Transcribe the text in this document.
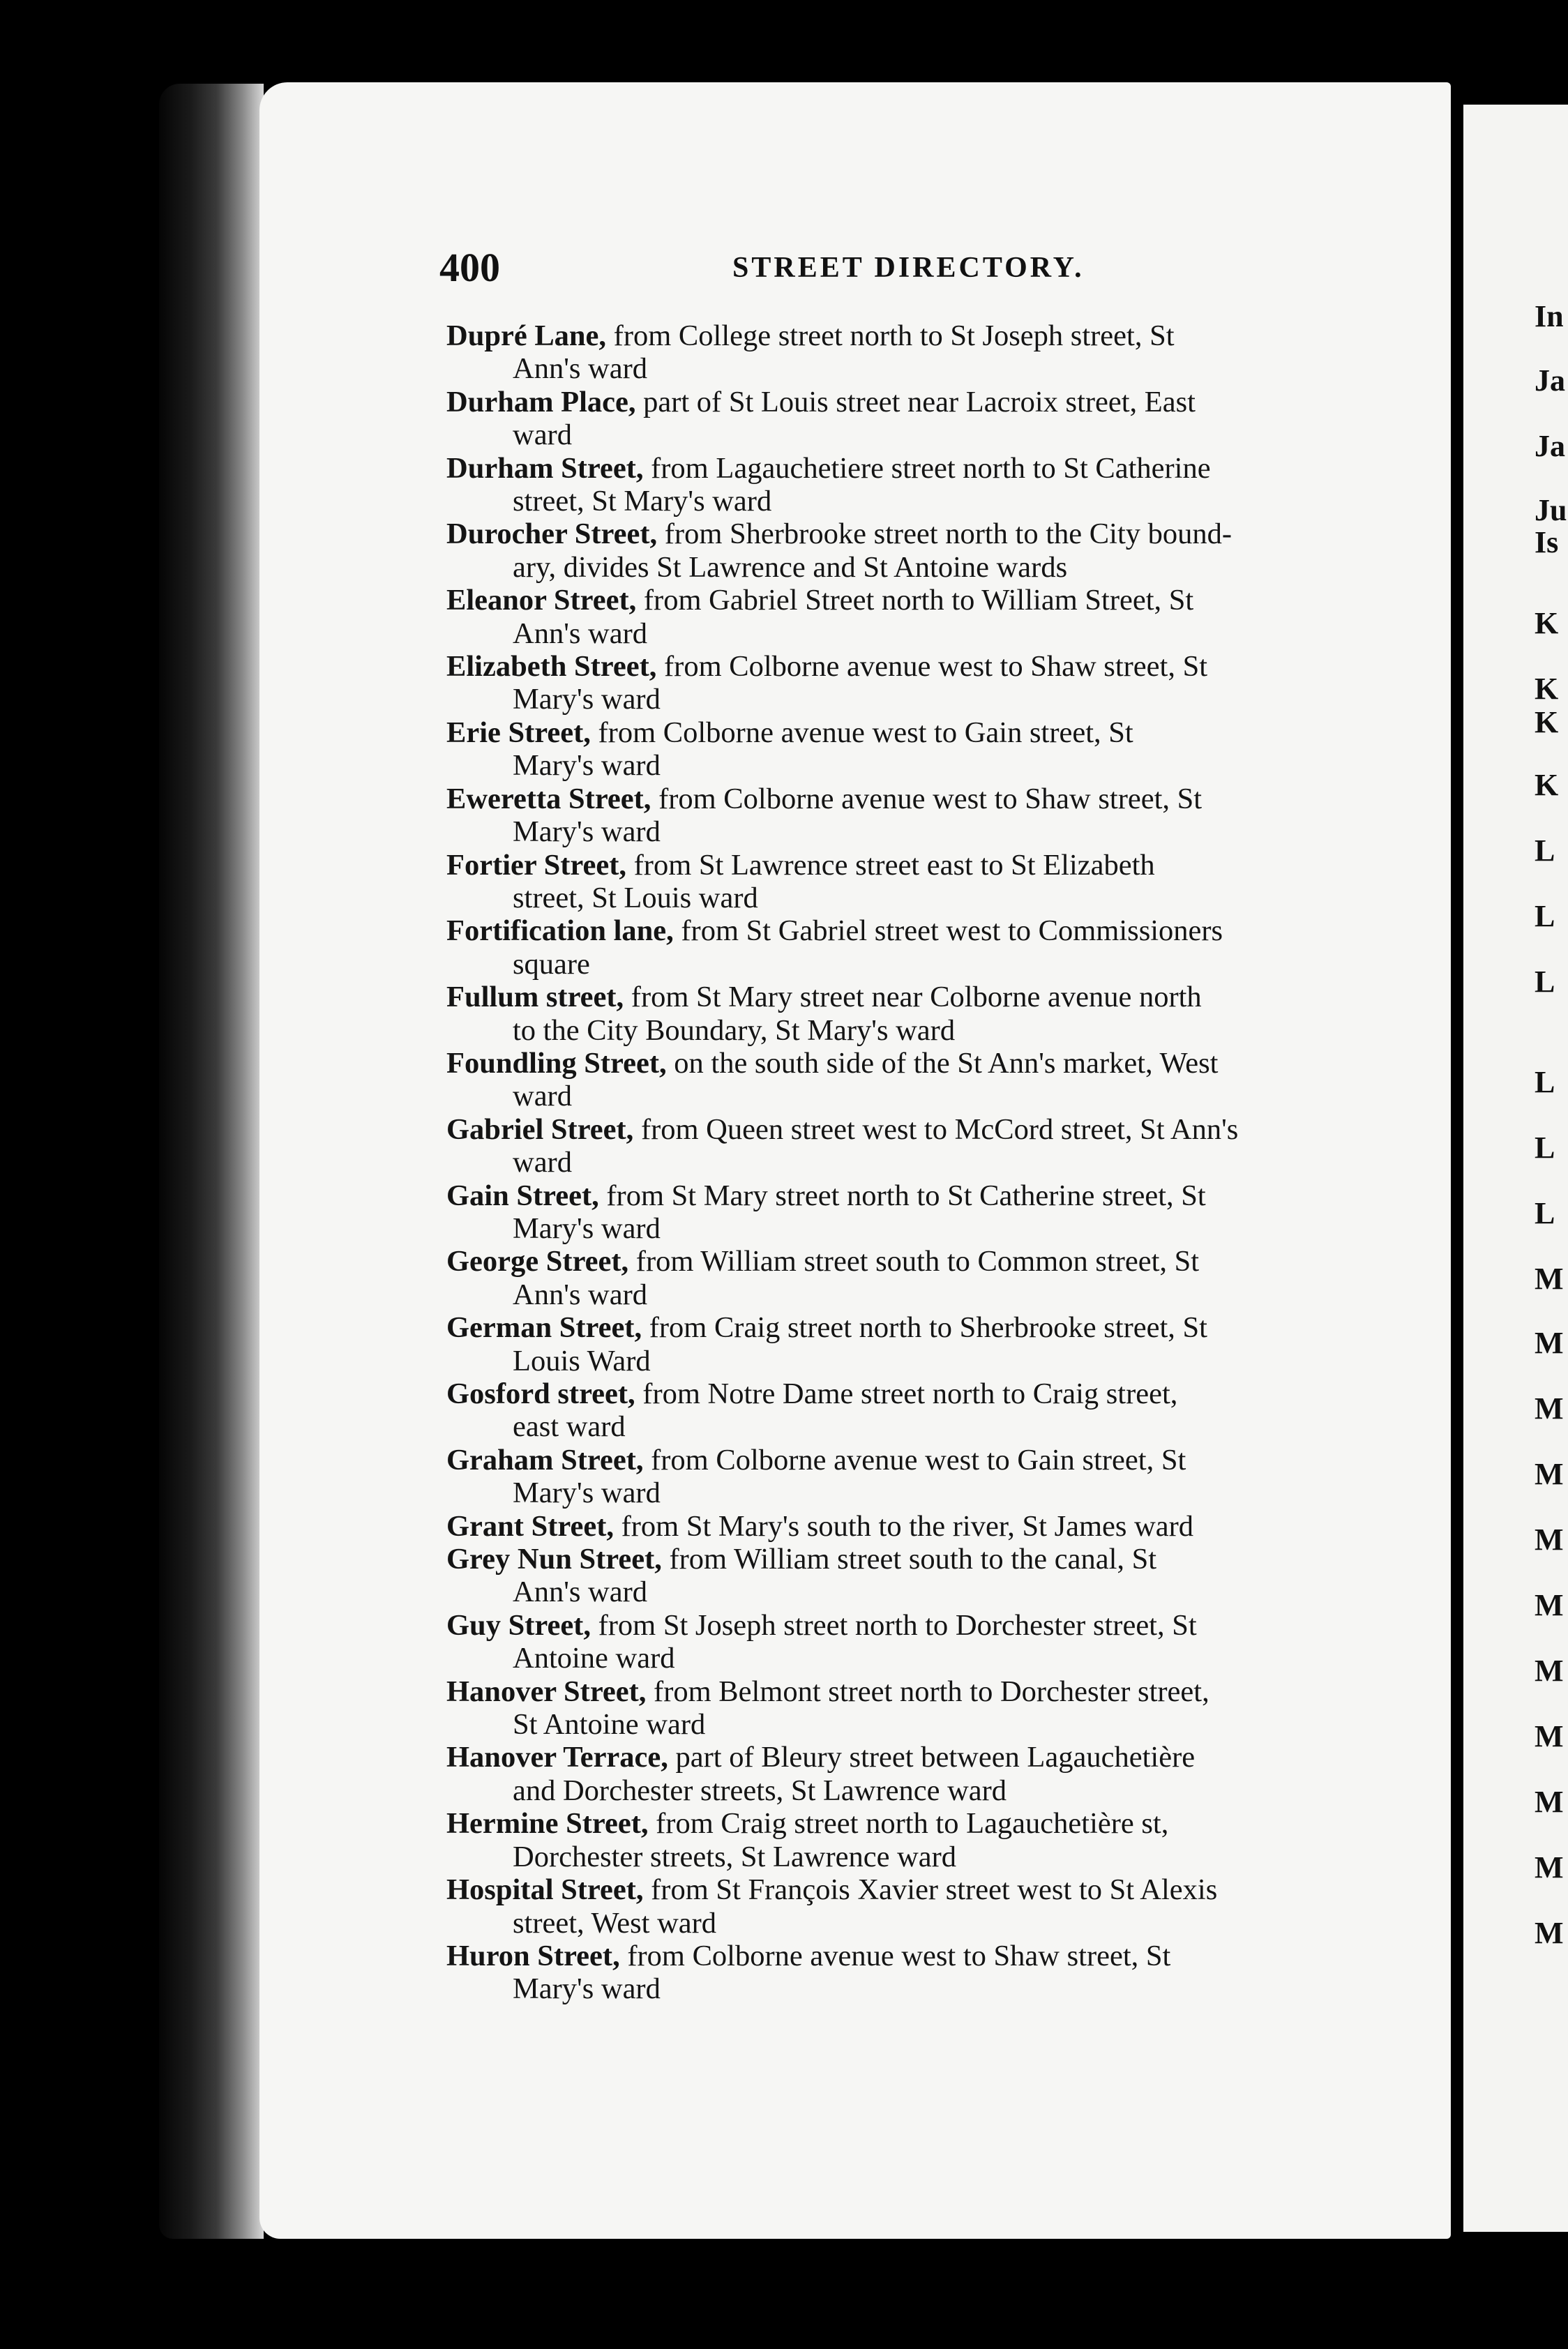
400	STREET DIRECTORY.

Dupré Lane, from College street north to St Joseph street, St
Ann's ward

Durham Place, part of St Louis street near Lacroix street, East
ward

Durham Street, from Lagauchetiere street north to St Catherine
street, St Mary's ward

Durocher Street, from Sherbrooke street north to the City bound-
ary, divides St Lawrence and St Antoine wards

Eleanor Street, from Gabriel Street north to William Street, St
Ann's ward

Elizabeth Street, from Colborne avenue west to Shaw street, St
Mary's ward

Erie Street, from Colborne avenue west to Gain street, St
Mary's ward

Eweretta Street, from Colborne avenue west to Shaw street, St
Mary's ward

Fortier Street, from St Lawrence street east to St Elizabeth
street, St Louis ward

Fortification lane, from St Gabriel street west to Commissioners
square

Fullum street, from St Mary street near Colborne avenue north
to the City Boundary, St Mary's ward

Foundling Street, on the south side of the St Ann's market, West
ward

Gabriel Street, from Queen street west to McCord street, St Ann's
ward

Gain Street, from St Mary street north to St Catherine street, St
Mary's ward

George Street, from William street south to Common street, St
Ann's ward

German Street, from Craig street north to Sherbrooke street, St
Louis Ward

Gosford street, from Notre Dame street north to Craig street,
east ward

Graham Street, from Colborne avenue west to Gain street, St
Mary's ward

Grant Street, from St Mary's south to the river, St James ward

Grey Nun Street, from William street south to the canal, St
Ann's ward

Guy Street, from St Joseph street north to Dorchester street, St
Antoine ward

Hanover Street, from Belmont street north to Dorchester street,
St Antoine ward

Hanover Terrace, part of Bleury street between Lagauchetière
and Dorchester streets, St Lawrence ward

Hermine Street, from Craig street north to Lagauchetière st,
Dorchester streets, St Lawrence ward

Hospital Street, from St François Xavier street west to St Alexis
street, West ward

Huron Street, from Colborne avenue west to Shaw street, St
Mary's ward

In
Ja
Ja
Ju
Is
K
K
K
K
L
L
L
L
L
L
M
M
M
M
M
M
M
M
M
M
M
